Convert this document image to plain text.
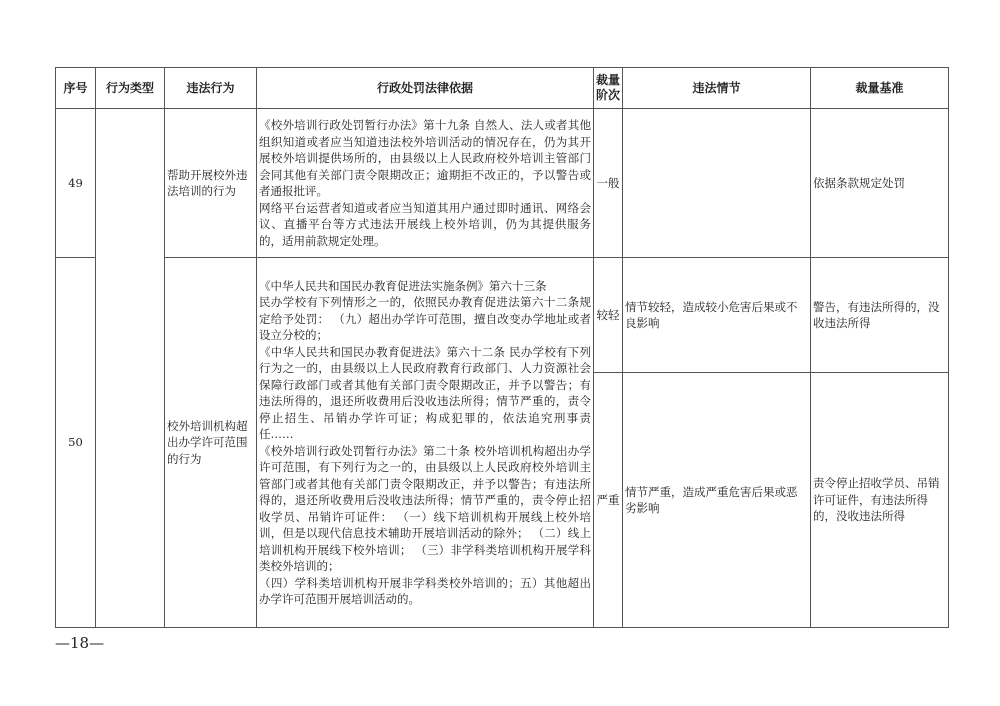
序号	行为类型	违法行为	行政处罚法律依据	裁量阶次	违法情节	裁量基准
49		帮助开展校外违法培训的行为	《校外培训行政处罚暂行办法》第十九条 自然人、法人或者其他组织知道或者应当知道违法校外培训活动的情况存在，仍为其开展校外培训提供场所的，由县级以上人民政府校外培训主管部门会同其他有关部门责令限期改正；逾期拒不改正的，予以警告或者通报批评。

网络平台运营者知道或者应当知道其用户通过即时通讯、网络会议、直播平台等方式违法开展线上校外培训，仍为其提供服务的，适用前款规定处理。	一般		依据条款规定处罚
50		校外培训机构超出办学许可范围的行为	《中华人民共和国民办教育促进法实施条例》第六十三条

民办学校有下列情形之一的，依照民办教育促进法第六十二条规定给予处罚： （九）超出办学许可范围，擅自改变办学地址或者设立分校的；

《中华人民共和国民办教育促进法》第六十二条 民办学校有下列行为之一的，由县级以上人民政府教育行政部门、人力资源社会保障行政部门或者其他有关部门责令限期改正，并予以警告；有违法所得的，退还所收费用后没收违法所得；情节严重的，责令停止招生、吊销办学许可证；构成犯罪的，依法追究刑事责任……

《校外培训行政处罚暂行办法》第二十条 校外培训机构超出办学许可范围，有下列行为之一的，由县级以上人民政府校外培训主管部门或者其他有关部门责令限期改正，并予以警告；有违法所得的，退还所收费用后没收违法所得；情节严重的，责令停止招收学员、吊销许可证件： （一）线下培训机构开展线上校外培训，但是以现代信息技术辅助开展培训活动的除外； （二）线上培训机构开展线下校外培训； （三）非学科类培训机构开展学科类校外培训的；

（四）学科类培训机构开展非学科类校外培训的；五）其他超出办学许可范围开展培训活动的。	较轻	情节较轻，造成较小危害后果或不良影响	警告，有违法所得的，没收违法所得
				严重	情节严重，造成严重危害后果或恶劣影响	责令停止招收学员、吊销许可证件，有违法所得的，没收违法所得
—18—
